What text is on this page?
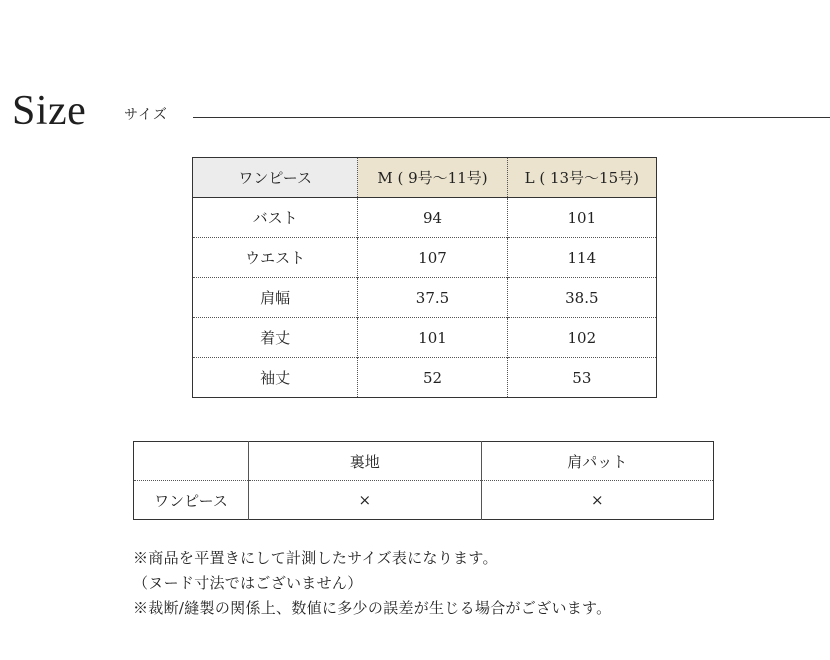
Size	サイズ
ワンピース	M ( 9号～11号)	L ( 13号～15号)
バスト	94	101
ウエスト	107	114
肩幅	37.5	38.5
着丈	101	102
袖丈	52	53
	裏地	肩パット
ワンピース	×	×
※商品を平置きにして計測したサイズ表になります。
（ヌード寸法ではございません）
※裁断/縫製の関係上、数値に多少の誤差が生じる場合がございます。
